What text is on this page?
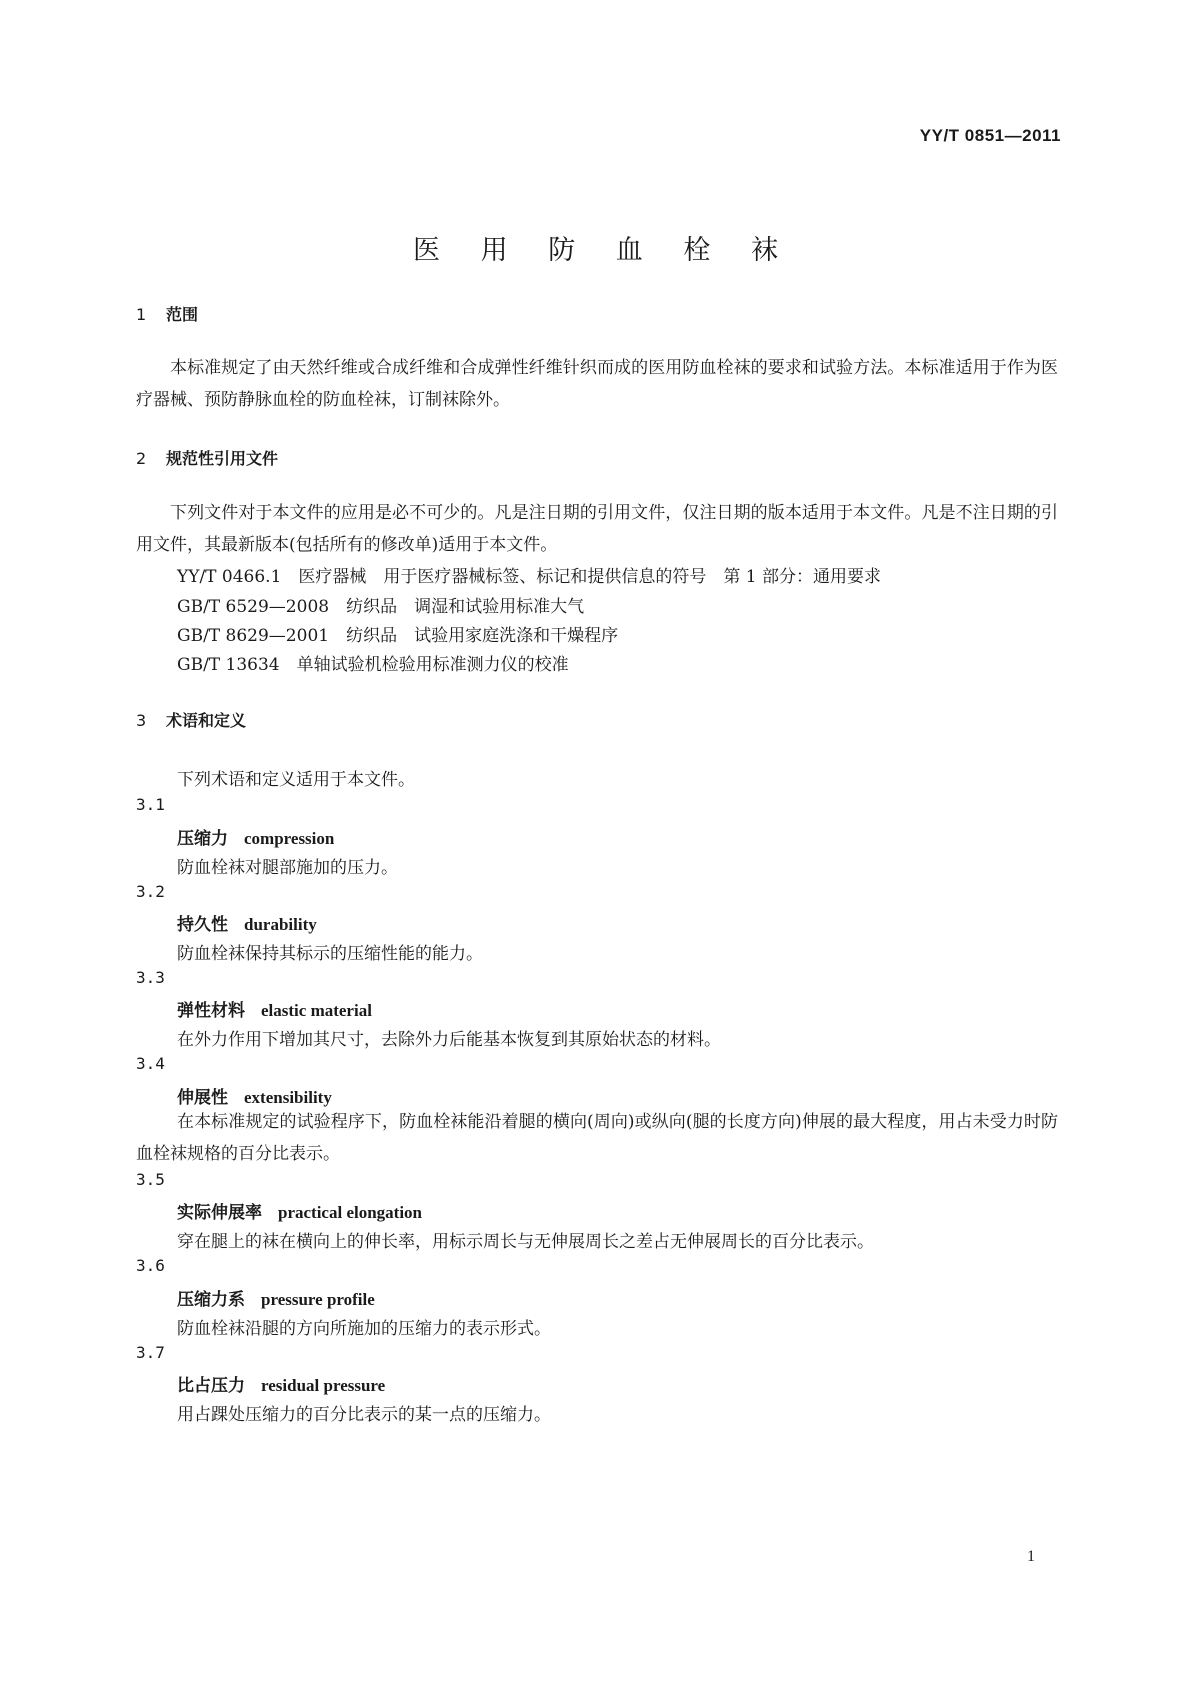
YY/T 0851—2011
医 用 防 血 栓 袜
1 范围
本标准规定了由天然纤维或合成纤维和合成弹性纤维针织而成的医用防血栓袜的要求和试验方法。本标准适用于作为医疗器械、预防静脉血栓的防血栓袜，订制袜除外。
2 规范性引用文件
下列文件对于本文件的应用是必不可少的。凡是注日期的引用文件，仅注日期的版本适用于本文件。凡是不注日期的引用文件，其最新版本(包括所有的修改单)适用于本文件。
YY/T 0466.1　医疗器械　用于医疗器械标签、标记和提供信息的符号　第 1 部分：通用要求
GB/T 6529—2008　纺织品　调湿和试验用标准大气
GB/T 8629—2001　纺织品　试验用家庭洗涤和干燥程序
GB/T 13634　单轴试验机检验用标准测力仪的校准
3 术语和定义
下列术语和定义适用于本文件。
3.1
压缩力 compression
防血栓袜对腿部施加的压力。
3.2
持久性 durability
防血栓袜保持其标示的压缩性能的能力。
3.3
弹性材料 elastic material
在外力作用下增加其尺寸，去除外力后能基本恢复到其原始状态的材料。
3.4
伸展性 extensibility
在本标准规定的试验程序下，防血栓袜能沿着腿的横向(周向)或纵向(腿的长度方向)伸展的最大程度，用占未受力时防血栓袜规格的百分比表示。
3.5
实际伸展率 practical elongation
穿在腿上的袜在横向上的伸长率，用标示周长与无伸展周长之差占无伸展周长的百分比表示。
3.6
压缩力系 pressure profile
防血栓袜沿腿的方向所施加的压缩力的表示形式。
3.7
比占压力 residual pressure
用占踝处压缩力的百分比表示的某一点的压缩力。
1
